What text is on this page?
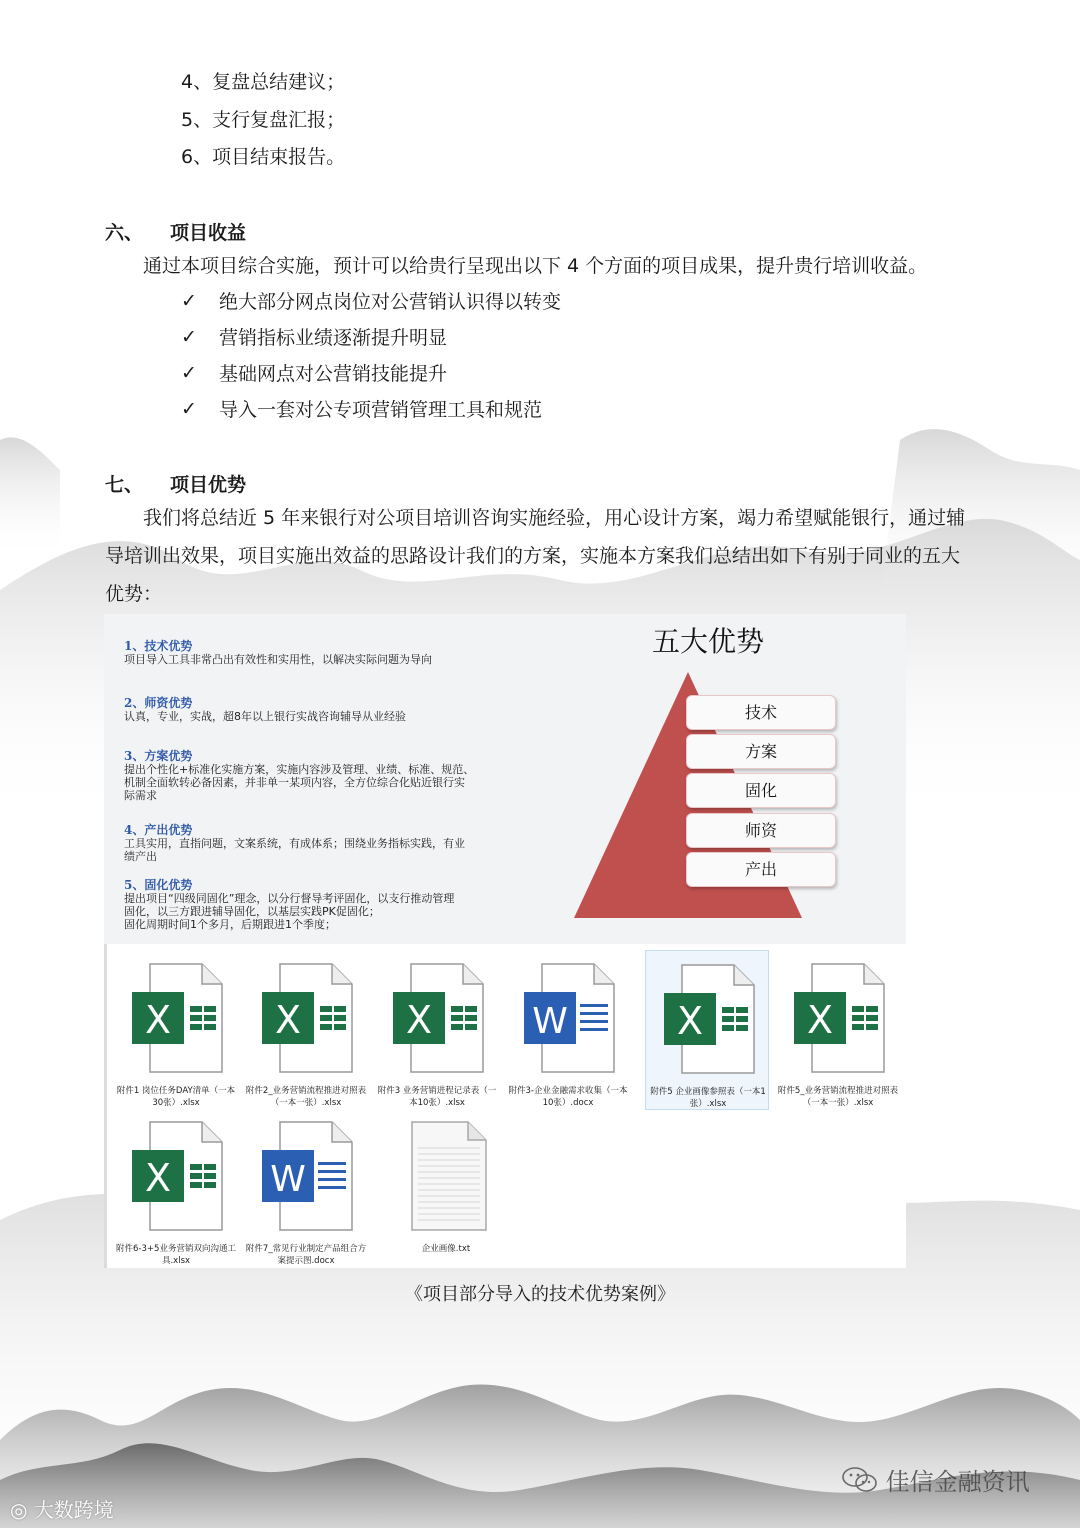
4、复盘总结建议；
5、支行复盘汇报；
6、项目结束报告。
六、 项目收益
通过本项目综合实施，预计可以给贵行呈现出以下 4 个方面的项目成果，提升贵行培训收益。
✓ 绝大部分网点岗位对公营销认识得以转变
✓ 营销指标业绩逐渐提升明显
✓ 基础网点对公营销技能提升
✓ 导入一套对公专项营销管理工具和规范
七、 项目优势
我们将总结近 5 年来银行对公项目培训咨询实施经验，用心设计方案，竭力希望赋能银行，通过辅
导培训出效果，项目实施出效益的思路设计我们的方案，实施本方案我们总结出如下有别于同业的五大
优势：
1、技术优势
项目导入工具非常凸出有效性和实用性，以解决实际问题为导向
2、师资优势
认真，专业，实战，超8年以上银行实战咨询辅导从业经验
3、方案优势
提出个性化+标准化实施方案，实施内容涉及管理、业绩、标准、规范、
机制全面软转必备因素，并非单一某项内容，全方位综合化贴近银行实
际需求
4、产出优势
工具实用，直指问题，文案系统，有成体系；围绕业务指标实践，有业
绩产出
5、固化优势
提出项目“四级同固化”理念，以分行督导考评固化，以支行推动管理
固化，以三方跟进辅导固化，以基层实践PK促固化；
固化周期时间1个多月，后期跟进1个季度；
五大优势
技术
方案
固化
师资
产出
X
附件1 岗位任务DAY清单（一本30张）.xlsx
X
附件2_业务营销流程推进对照表（一本一张）.xlsx
X
附件3 业务营销进程记录表（一本10张）.xlsx
W
附件3-企业金融需求收集（一本10张）.docx
X
附件5 企业画像参照表（一本1张）.xlsx
X
附件5_业务营销流程推进对照表（一本一张）.xlsx
X
附件6-3+5业务营销双向沟通工具.xlsx
W
附件7_常见行业制定产品组合方案提示图.docx
企业画像.txt
《项目部分导入的技术优势案例》
佳信金融资讯
◎ 大数跨境
